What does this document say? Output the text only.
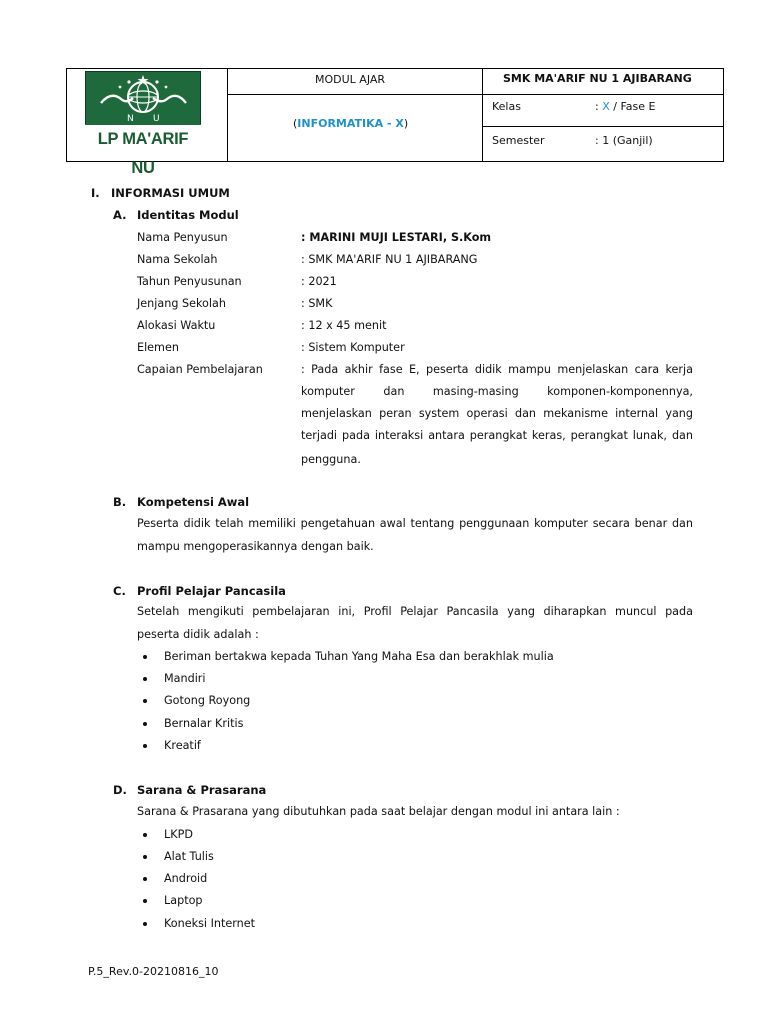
N U
LP MA'ARIF NU
MODUL AJAR	SMK MA'ARIF NU 1 AJIBARANG
(INFORMATIKA - X)
Kelas	: X / Fase E
Semester	: 1 (Ganjil)
I. INFORMASI UMUM
A. Identitas Modul
Nama Penyusun	: MARINI MUJI LESTARI, S.Kom
Nama Sekolah	: SMK MA'ARIF NU 1 AJIBARANG
Tahun Penyusunan	: 2021
Jenjang Sekolah	: SMK
Alokasi Waktu	: 12 x 45 menit
Elemen	: Sistem Komputer
Capaian Pembelajaran	: Pada akhir fase E, peserta didik mampu menjelaskan cara kerja
komputer dan masing-masing komponen-komponennya,
menjelaskan peran system operasi dan mekanisme internal yang
terjadi pada interaksi antara perangkat keras, perangkat lunak, dan
pengguna.
B. Kompetensi Awal
Peserta didik telah memiliki pengetahuan awal tentang penggunaan komputer secara benar dan
mampu mengoperasikannya dengan baik.
C. Profil Pelajar Pancasila
Setelah mengikuti pembelajaran ini, Profil Pelajar Pancasila yang diharapkan muncul pada
peserta didik adalah :
Beriman bertakwa kepada Tuhan Yang Maha Esa dan berakhlak mulia
Mandiri
Gotong Royong
Bernalar Kritis
Kreatif
D. Sarana & Prasarana
Sarana & Prasarana yang dibutuhkan pada saat belajar dengan modul ini antara lain :
LKPD
Alat Tulis
Android
Laptop
Koneksi Internet
P.5_Rev.0-20210816_10
